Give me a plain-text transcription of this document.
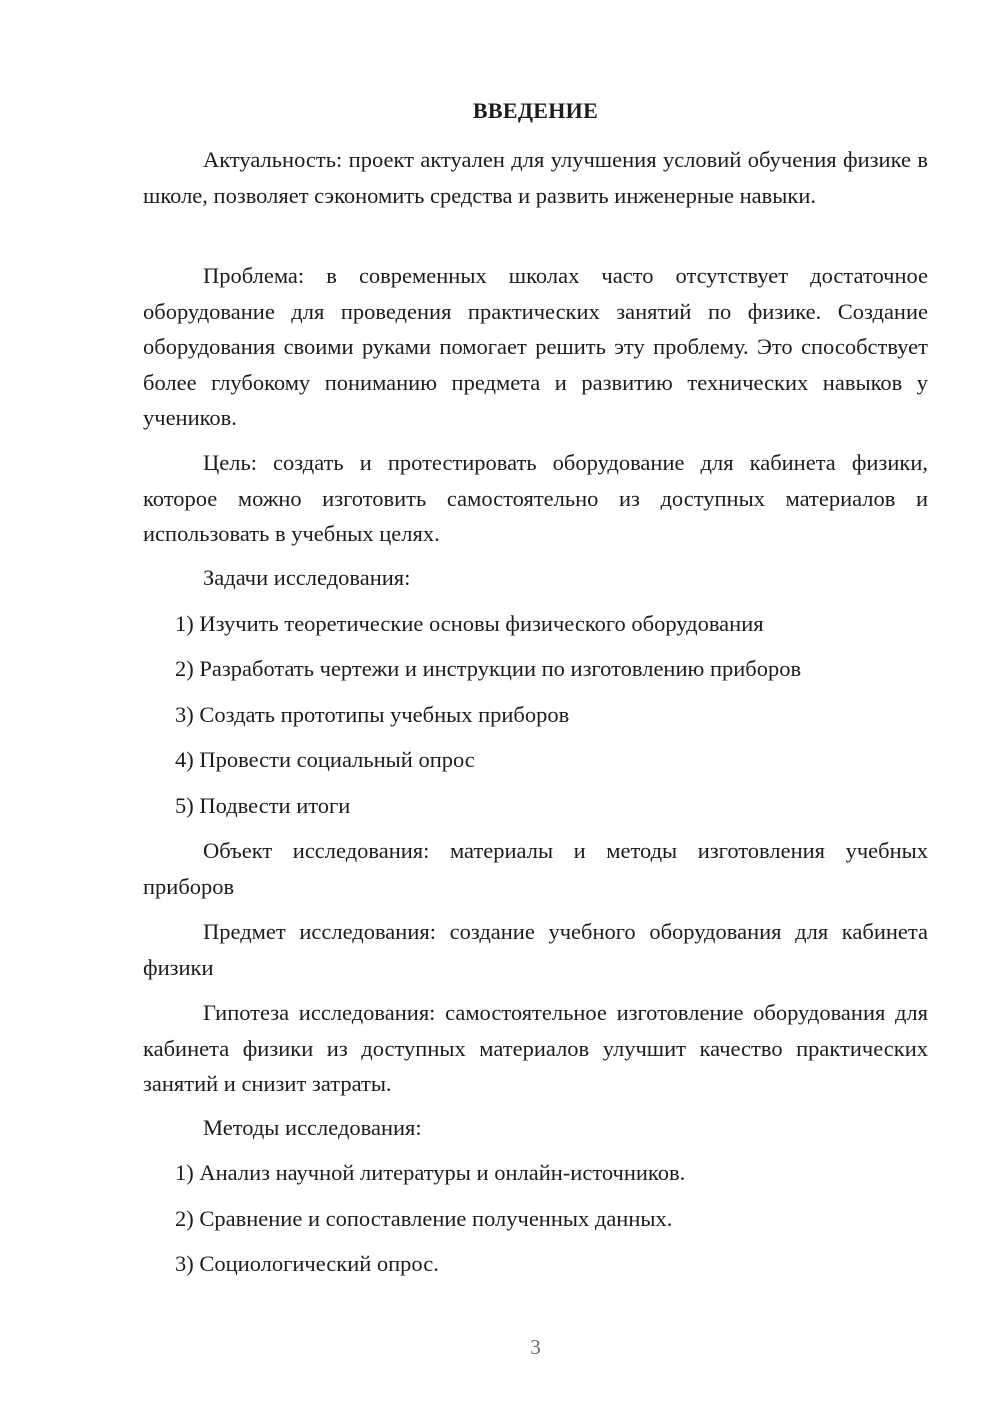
ВВЕДЕНИЕ

Актуальность: проект актуален для улучшения условий обучения физике в школе, позволяет сэкономить средства и развить инженерные навыки.

Проблема: в современных школах часто отсутствует достаточное оборудование для проведения практических занятий по физике. Создание оборудования своими руками помогает решить эту проблему. Это способствует более глубокому пониманию предмета и развитию технических навыков у учеников.

Цель: создать и протестировать оборудование для кабинета физики, которое можно изготовить самостоятельно из доступных материалов и использовать в учебных целях.

Задачи исследования:

1) Изучить теоретические основы физического оборудования

2) Разработать чертежи и инструкции по изготовлению приборов

3) Создать прототипы учебных приборов

4) Провести социальный опрос

5) Подвести итоги

Объект исследования: материалы и методы изготовления учебных приборов

Предмет исследования: создание учебного оборудования для кабинета физики

Гипотеза исследования: самостоятельное изготовление оборудования для кабинета физики из доступных материалов улучшит качество практических занятий и снизит затраты.

Методы исследования:

1) Анализ научной литературы и онлайн-источников.

2) Сравнение и сопоставление полученных данных.

3) Социологический опрос.

3
